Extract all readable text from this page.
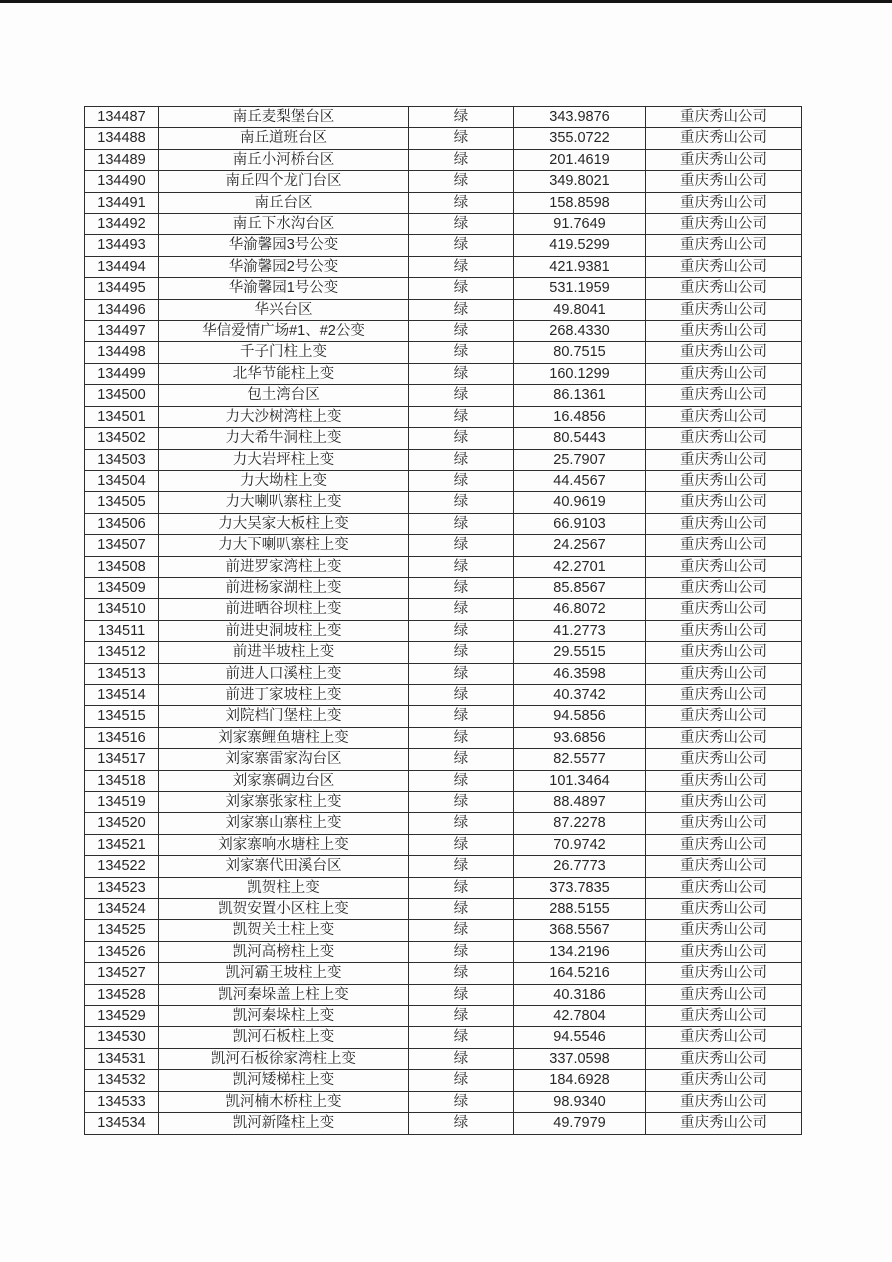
134487	南丘麦梨堡台区	绿	343.9876	重庆秀山公司
134488	南丘道班台区	绿	355.0722	重庆秀山公司
134489	南丘小河桥台区	绿	201.4619	重庆秀山公司
134490	南丘四个龙门台区	绿	349.8021	重庆秀山公司
134491	南丘台区	绿	158.8598	重庆秀山公司
134492	南丘下水沟台区	绿	91.7649	重庆秀山公司
134493	华渝馨园3号公变	绿	419.5299	重庆秀山公司
134494	华渝馨园2号公变	绿	421.9381	重庆秀山公司
134495	华渝馨园1号公变	绿	531.1959	重庆秀山公司
134496	华兴台区	绿	49.8041	重庆秀山公司
134497	华信爱情广场#1、#2公变	绿	268.4330	重庆秀山公司
134498	千子门柱上变	绿	80.7515	重庆秀山公司
134499	北华节能柱上变	绿	160.1299	重庆秀山公司
134500	包土湾台区	绿	86.1361	重庆秀山公司
134501	力大沙树湾柱上变	绿	16.4856	重庆秀山公司
134502	力大希牛洞柱上变	绿	80.5443	重庆秀山公司
134503	力大岩坪柱上变	绿	25.7907	重庆秀山公司
134504	力大坳柱上变	绿	44.4567	重庆秀山公司
134505	力大喇叭寨柱上变	绿	40.9619	重庆秀山公司
134506	力大吴家大板柱上变	绿	66.9103	重庆秀山公司
134507	力大下喇叭寨柱上变	绿	24.2567	重庆秀山公司
134508	前进罗家湾柱上变	绿	42.2701	重庆秀山公司
134509	前进杨家湖柱上变	绿	85.8567	重庆秀山公司
134510	前进晒谷坝柱上变	绿	46.8072	重庆秀山公司
134511	前进史洞坡柱上变	绿	41.2773	重庆秀山公司
134512	前进半坡柱上变	绿	29.5515	重庆秀山公司
134513	前进人口溪柱上变	绿	46.3598	重庆秀山公司
134514	前进丁家坡柱上变	绿	40.3742	重庆秀山公司
134515	刘院档门堡柱上变	绿	94.5856	重庆秀山公司
134516	刘家寨鲤鱼塘柱上变	绿	93.6856	重庆秀山公司
134517	刘家寨雷家沟台区	绿	82.5577	重庆秀山公司
134518	刘家寨碉边台区	绿	101.3464	重庆秀山公司
134519	刘家寨张家柱上变	绿	88.4897	重庆秀山公司
134520	刘家寨山寨柱上变	绿	87.2278	重庆秀山公司
134521	刘家寨响水塘柱上变	绿	70.9742	重庆秀山公司
134522	刘家寨代田溪台区	绿	26.7773	重庆秀山公司
134523	凯贺柱上变	绿	373.7835	重庆秀山公司
134524	凯贺安置小区柱上变	绿	288.5155	重庆秀山公司
134525	凯贺关土柱上变	绿	368.5567	重庆秀山公司
134526	凯河高榜柱上变	绿	134.2196	重庆秀山公司
134527	凯河霸王坡柱上变	绿	164.5216	重庆秀山公司
134528	凯河秦垛盖上柱上变	绿	40.3186	重庆秀山公司
134529	凯河秦垛柱上变	绿	42.7804	重庆秀山公司
134530	凯河石板柱上变	绿	94.5546	重庆秀山公司
134531	凯河石板徐家湾柱上变	绿	337.0598	重庆秀山公司
134532	凯河矮梯柱上变	绿	184.6928	重庆秀山公司
134533	凯河楠木桥柱上变	绿	98.9340	重庆秀山公司
134534	凯河新隆柱上变	绿	49.7979	重庆秀山公司
